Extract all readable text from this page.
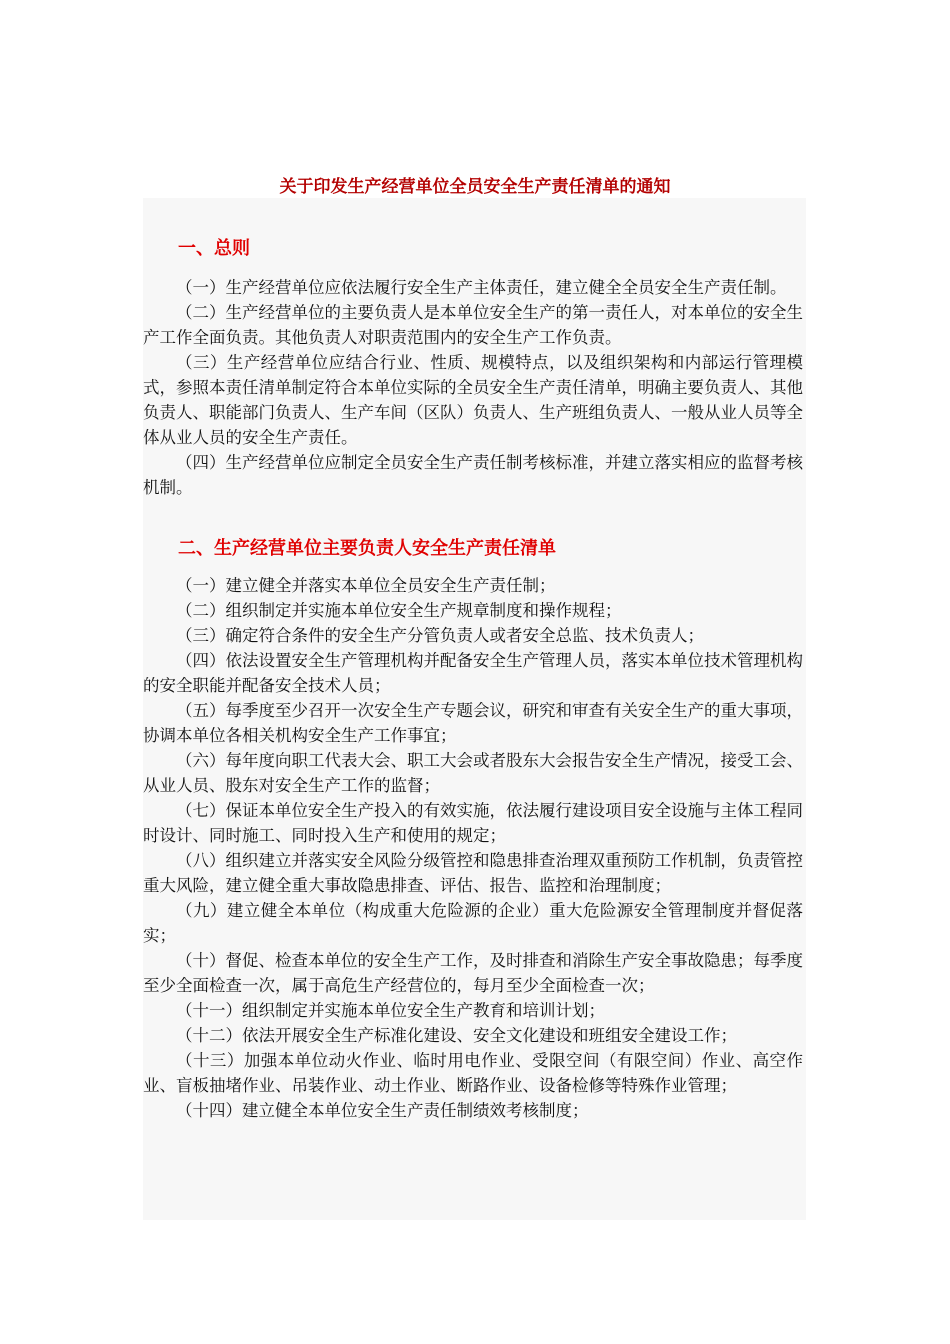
关于印发生产经营单位全员安全生产责任清单的通知
一、总则

（一）生产经营单位应依法履行安全生产主体责任，建立健全全员安全生产责任制。

（二）生产经营单位的主要负责人是本单位安全生产的第一责任人，对本单位的安全生产工作全面负责。其他负责人对职责范围内的安全生产工作负责。

（三）生产经营单位应结合行业、性质、规模特点，以及组织架构和内部运行管理模式，参照本责任清单制定符合本单位实际的全员安全生产责任清单，明确主要负责人、其他负责人、职能部门负责人、生产车间（区队）负责人、生产班组负责人、一般从业人员等全体从业人员的安全生产责任。

（四）生产经营单位应制定全员安全生产责任制考核标准，并建立落实相应的监督考核机制。

二、生产经营单位主要负责人安全生产责任清单

（一）建立健全并落实本单位全员安全生产责任制；

（二）组织制定并实施本单位安全生产规章制度和操作规程；

（三）确定符合条件的安全生产分管负责人或者安全总监、技术负责人；

（四）依法设置安全生产管理机构并配备安全生产管理人员，落实本单位技术管理机构的安全职能并配备安全技术人员；

（五）每季度至少召开一次安全生产专题会议，研究和审查有关安全生产的重大事项，协调本单位各相关机构安全生产工作事宜；

（六）每年度向职工代表大会、职工大会或者股东大会报告安全生产情况，接受工会、从业人员、股东对安全生产工作的监督；

（七）保证本单位安全生产投入的有效实施，依法履行建设项目安全设施与主体工程同时设计、同时施工、同时投入生产和使用的规定；

（八）组织建立并落实安全风险分级管控和隐患排查治理双重预防工作机制，负责管控重大风险，建立健全重大事故隐患排查、评估、报告、监控和治理制度；

（九）建立健全本单位（构成重大危险源的企业）重大危险源安全管理制度并督促落实；

（十）督促、检查本单位的安全生产工作，及时排查和消除生产安全事故隐患；每季度至少全面检查一次，属于高危生产经营位的，每月至少全面检查一次；

（十一）组织制定并实施本单位安全生产教育和培训计划；

（十二）依法开展安全生产标准化建设、安全文化建设和班组安全建设工作；

（十三）加强本单位动火作业、临时用电作业、受限空间（有限空间）作业、高空作业、盲板抽堵作业、吊装作业、动土作业、断路作业、设备检修等特殊作业管理；

（十四）建立健全本单位安全生产责任制绩效考核制度；
